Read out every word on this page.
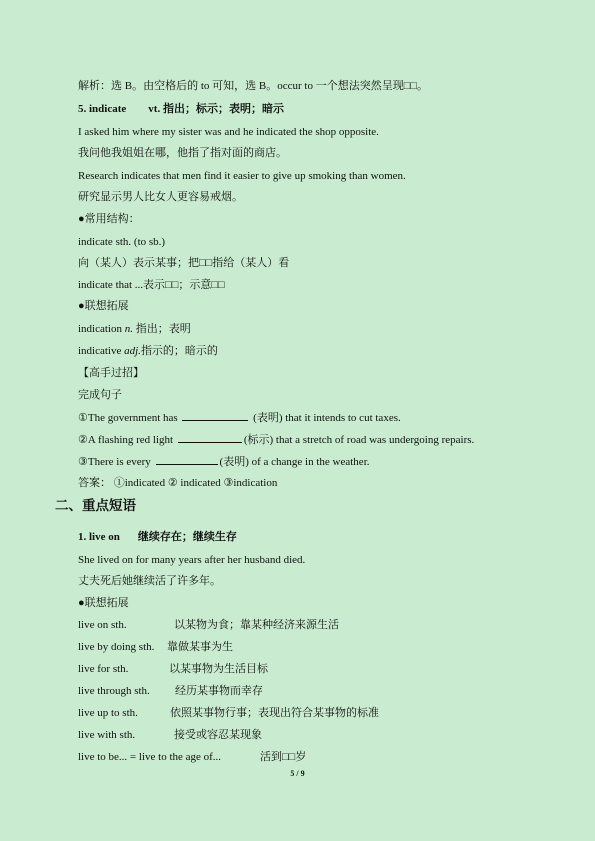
解析：选 B。由空格后的 to 可知，选 B。occur to 一个想法突然呈现□□。
5. indicate vt. 指出；标示；表明；暗示
I asked him where my sister was and he indicated the shop opposite.
我问他我姐姐在哪，他指了指对面的商店。
Research indicates that men find it easier to give up smoking than women.
研究显示男人比女人更容易戒烟。
●常用结构：
indicate sth. (to sb.)
向（某人）表示某事；把□□指给（某人）看
indicate that ...表示□□；示意□□
●联想拓展
indication n. 指出；表明
indicative adj.指示的；暗示的
【高手过招】
完成句子
①The government has	(表明) that it intends to cut taxes.
②A flashing red light	(标示) that a stretch of road was undergoing repairs.
③There is every	(表明) of a change in the weather.
答案： ①indicated ② indicated ③indication
二、重点短语
1. live on 继续存在；继续生存
She lived on for many years after her husband died.
丈夫死后她继续活了许多年。
●联想拓展
live on sth.	以某物为食；靠某种经济来源生活
live by doing sth. 靠做某事为生
live for sth.	以某事物为生活目标
live through sth. 经历某事物而幸存
live up to sth.	依照某事物行事；表现出符合某事物的标准
live with sth.	接受或容忍某现象
live to be... = live to the age of...	活到□□岁
5 / 9
